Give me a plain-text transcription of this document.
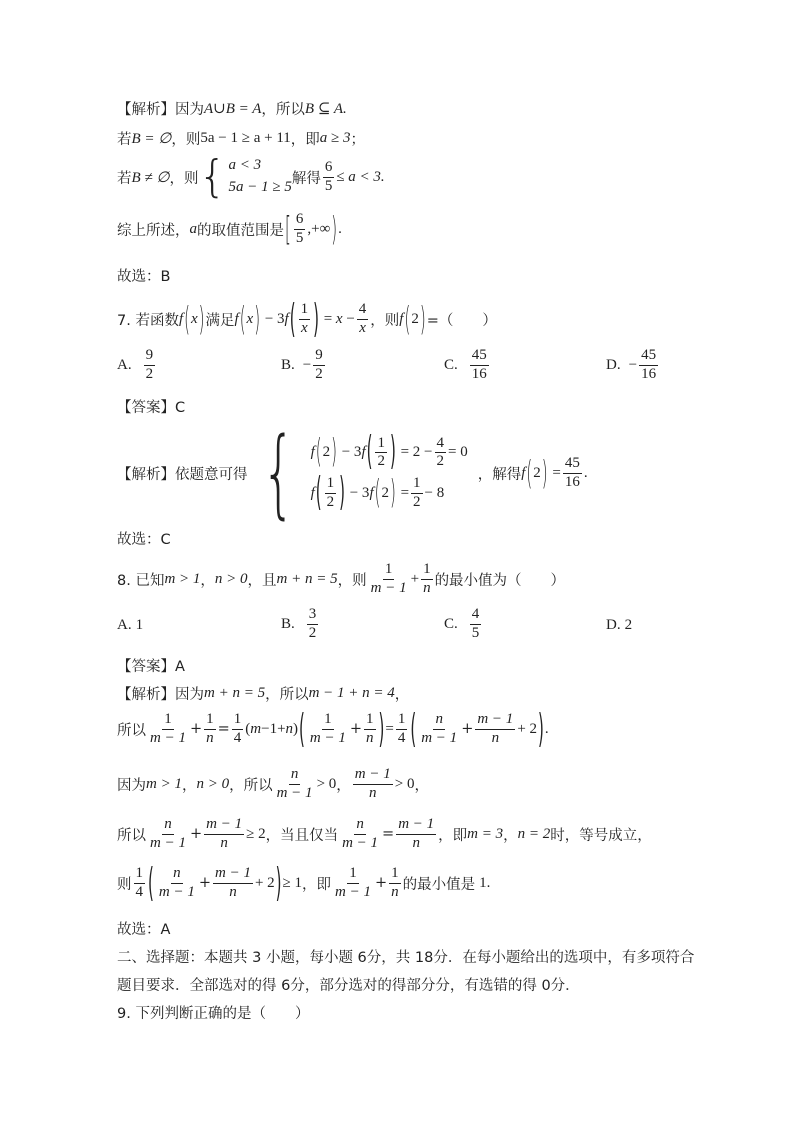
【解析】因为 A∪B = A ，所以 B ⊆ A.
若 B = ∅ ，则 5a − 1 ≥ a + 11 ，即 a ≥ 3 ；
若 B ≠ ∅ ，则 { a < 3
5a − 1 ≥ 5
解得 $\frac{6}{5} \le a < 3$.
综上所述， a 的取值范围是 [ $\frac{6}{5}$ ,+∞ ) .
故选：B
7. 若函数 f ( x ) 满足 f ( x ) − 3 f ( $\frac{1}{x}$ ) = $x - \frac{4}{x}$ ，则 f ( 2 ) =（　　）
A. $\frac{9}{2}$	B. − $\frac{9}{2}$	C. $\frac{45}{16}$	D. − $\frac{45}{16}$
【答案】C
【解析】依题意可得 { f ( 2 ) − 3 f ( $\frac{1}{2}$ ) = $2 - \frac{4}{2} = 0$
f ( $\frac{1}{2}$ ) − 3 f ( 2 ) = $\frac{1}{2} - 8$
，解得 f ( 2 ) = $\frac{45}{16}$ .
故选：C
8. 已知 m > 1 ， n > 0 ，且 m + n = 5 ，则 $\frac{1}{m - 1} + \frac{1}{n}$ 的最小值为（　　）
A. 1	B. $\frac{3}{2}$	C. $\frac{4}{5}$	D. 2
【答案】A
【解析】因为 m + n = 5 ，所以 m − 1 + n = 4 ，
所以 $\frac{1}{m - 1} + \frac{1}{n} = \frac{1}{4}$ ( m −1+ n ) ( $\frac{1}{m - 1} + \frac{1}{n}$ ) = $\frac{1}{4}$ ( $\frac{n}{m - 1} + \frac{m - 1}{n} + 2$ ) .
因为 m > 1 ， n > 0 ，所以 $\frac{n}{m - 1} > 0$ ， $\frac{m - 1}{n} > 0$ ，
所以 $\frac{n}{m - 1} + \frac{m - 1}{n} \ge 2$ ，当且仅当 $\frac{n}{m - 1} = \frac{m - 1}{n}$ ，即 m = 3 ， n = 2 时，等号成立，
则 $\frac{1}{4}$ ( $\frac{n}{m - 1} + \frac{m - 1}{n} + 2$ ) ≥ 1 ，即 $\frac{1}{m - 1} + \frac{1}{n}$ 的最小值是 1.
故选：A
二、选择题：本题共 3 小题，每小题 6分，共 18分．在每小题给出的选项中，有多项符合
题目要求．全部选对的得 6分，部分选对的得部分分，有选错的得 0分．
9. 下列判断正确的是（　　）
